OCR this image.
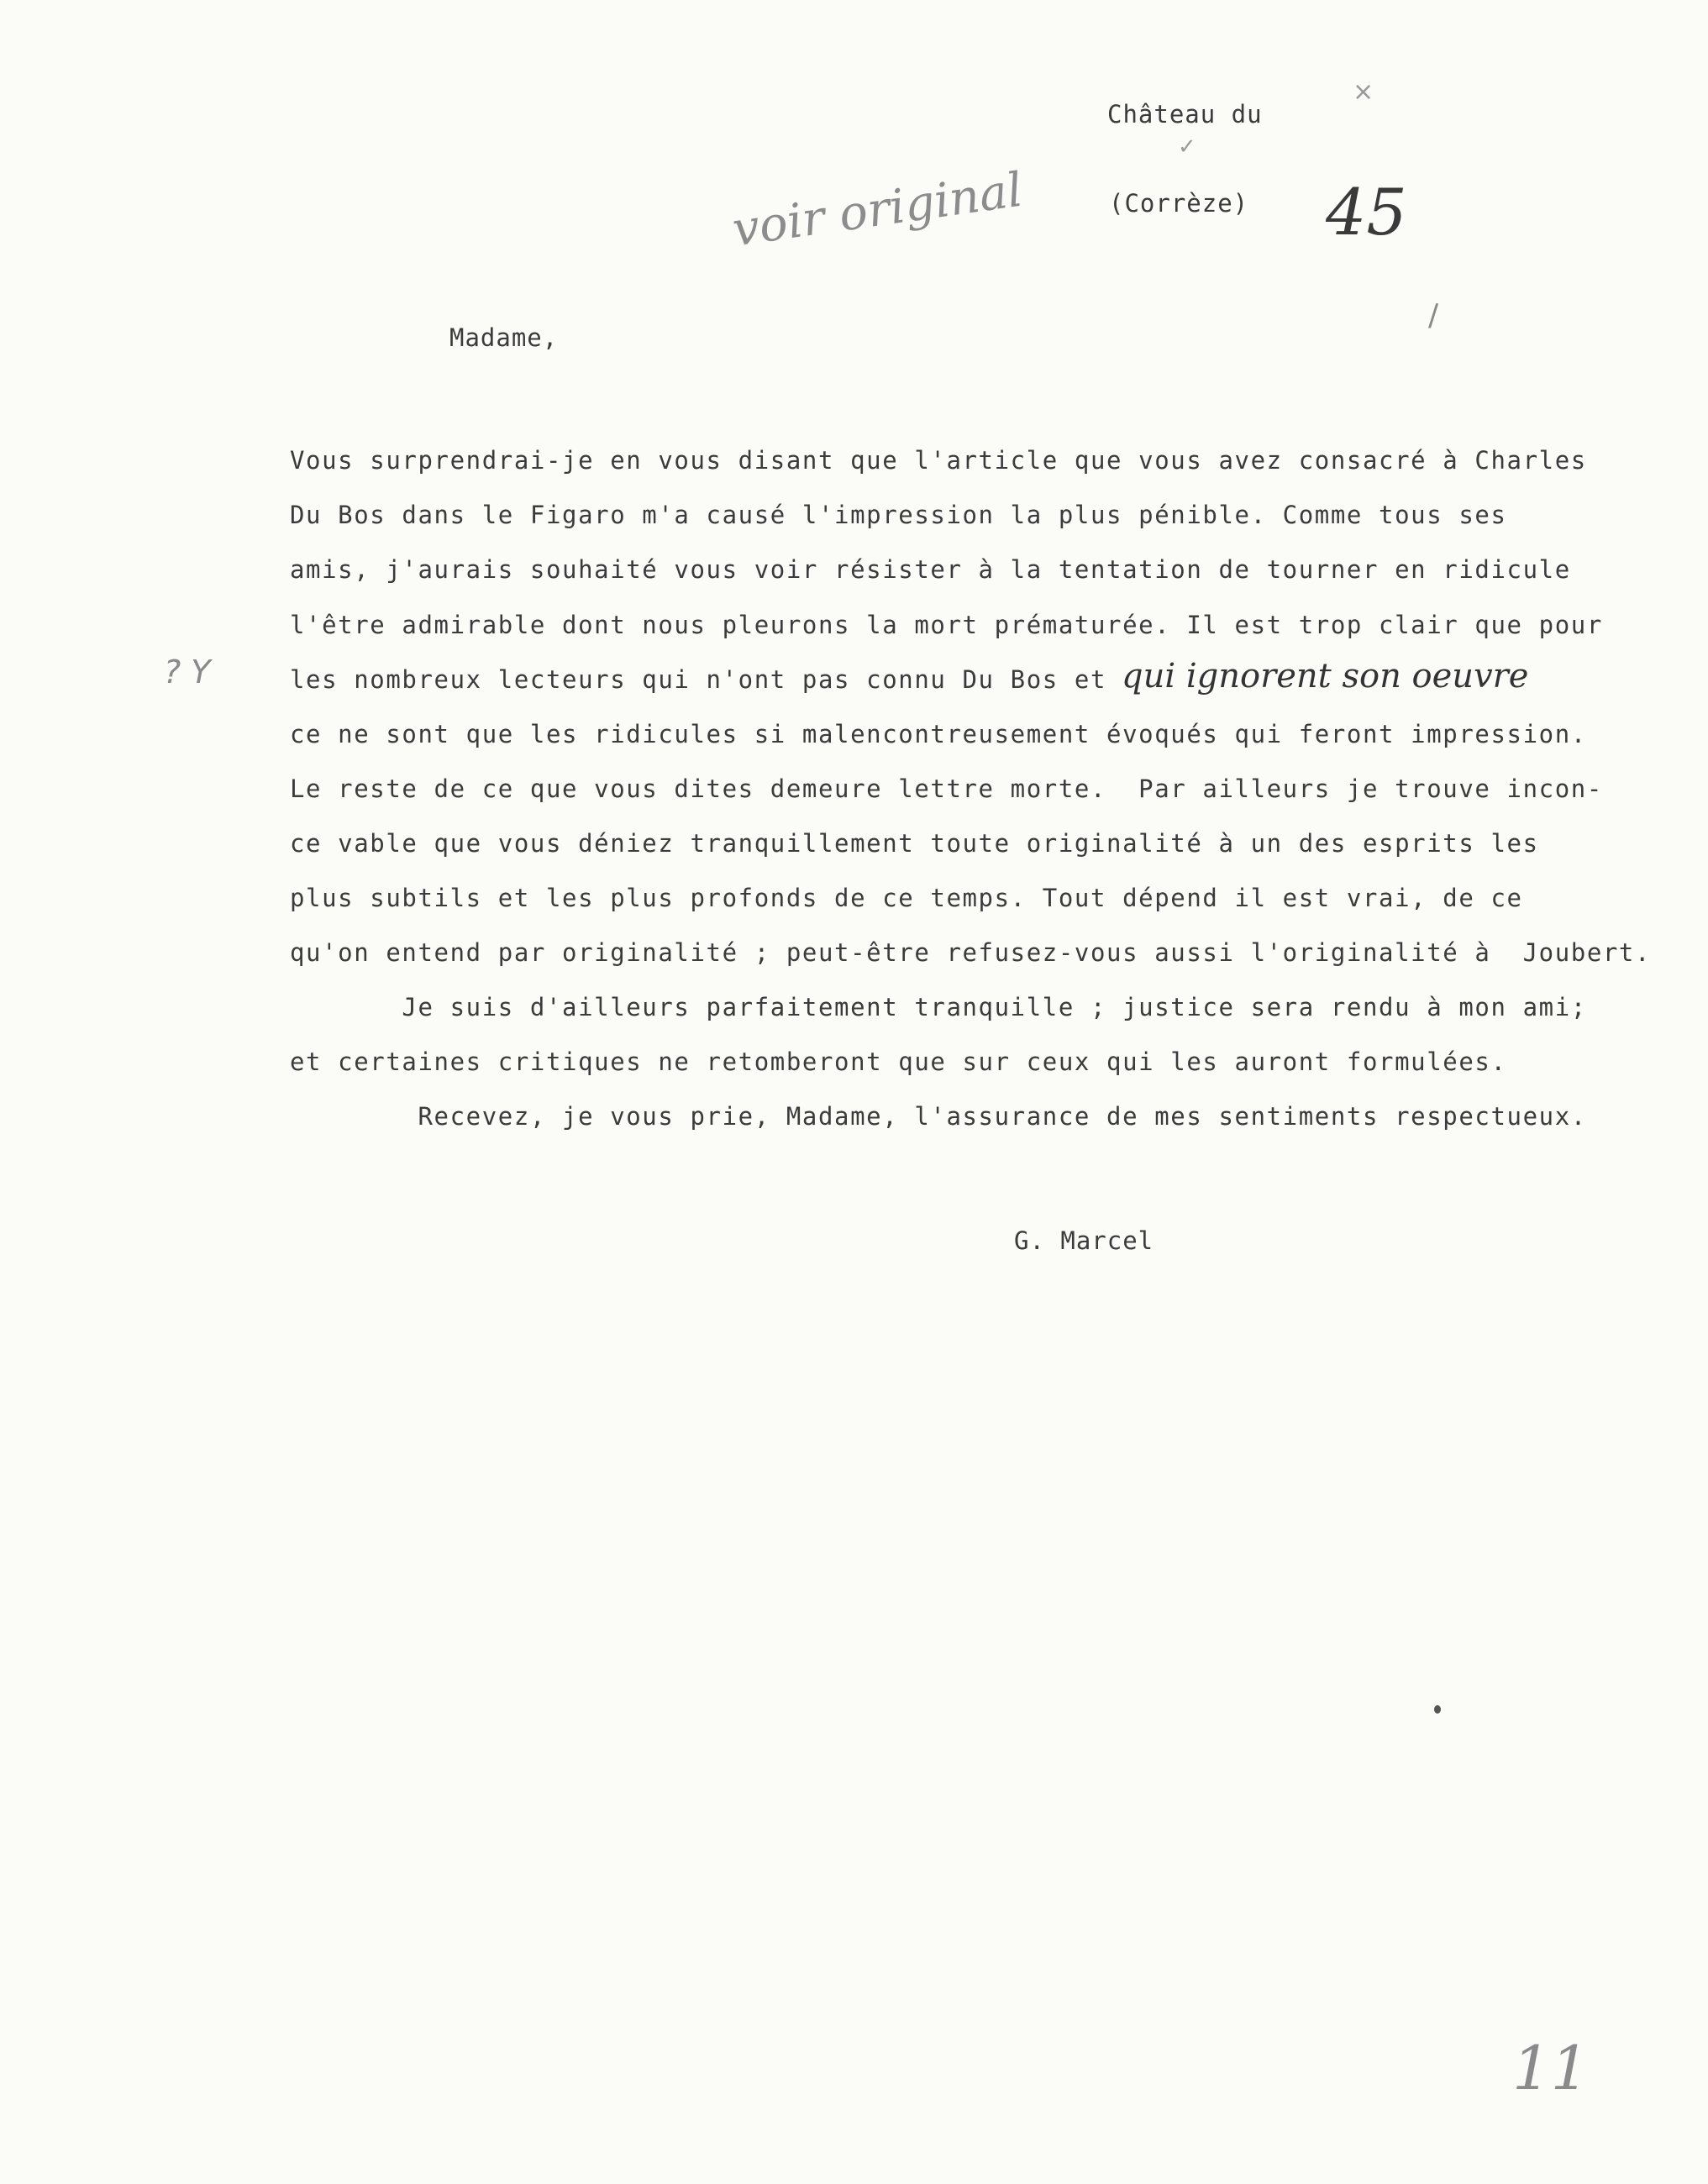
Château du
✓
(Corrèze)
×
45
voir original
/
? Y
Madame,
Vous surprendrai-je en vous disant que l'article que vous avez consacré à Charles
Du Bos dans le Figaro m'a causé l'impression la plus pénible. Comme tous ses
amis, j'aurais souhaité vous voir résister à la tentation de tourner en ridicule
l'être admirable dont nous pleurons la mort prématurée. Il est trop clair que pour
les nombreux lecteurs qui n'ont pas connu Du Bos et qui ignorent son oeuvre
ce ne sont que les ridicules si malencontreusement évoqués qui feront impression.
Le reste de ce que vous dites demeure lettre morte.  Par ailleurs je trouve incon-
ce vable que vous déniez tranquillement toute originalité à un des esprits les
plus subtils et les plus profonds de ce temps. Tout dépend il est vrai, de ce
qu'on entend par originalité ; peut-être refusez-vous aussi l'originalité à  Joubert.
Je suis d'ailleurs parfaitement tranquille ; justice sera rendu à mon ami;
et certaines critiques ne retomberont que sur ceux qui les auront formulées.
Recevez, je vous prie, Madame, l'assurance de mes sentiments respectueux.
G. Marcel
11
